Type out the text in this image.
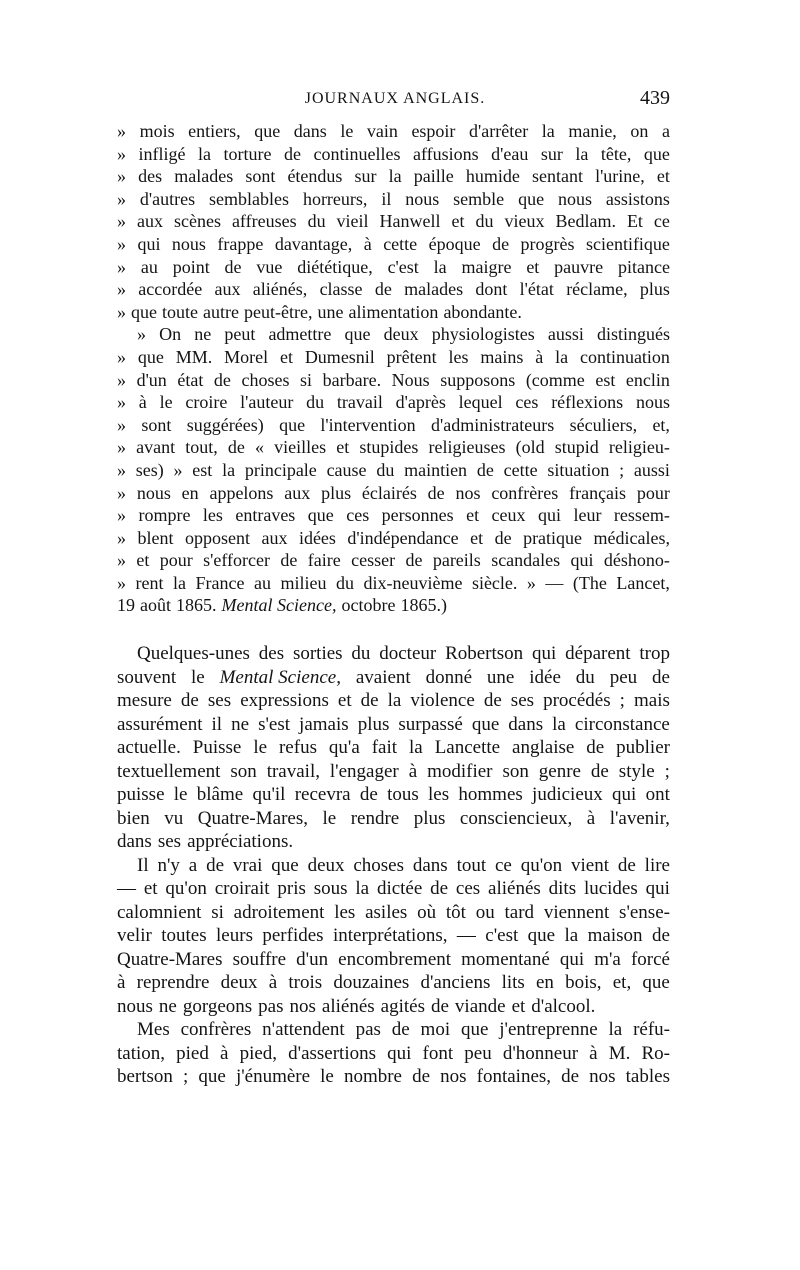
JOURNAUX ANGLAIS.	439
» mois entiers, que dans le vain espoir d'arrêter la manie, on a
» infligé la torture de continuelles affusions d'eau sur la tête, que
» des malades sont étendus sur la paille humide sentant l'urine, et
» d'autres semblables horreurs, il nous semble que nous assistons
» aux scènes affreuses du vieil Hanwell et du vieux Bedlam. Et ce
» qui nous frappe davantage, à cette époque de progrès scientifique
» au point de vue diététique, c'est la maigre et pauvre pitance
» accordée aux aliénés, classe de malades dont l'état réclame, plus
» que toute autre peut-être, une alimentation abondante.
» On ne peut admettre que deux physiologistes aussi distingués
» que MM. Morel et Dumesnil prêtent les mains à la continuation
» d'un état de choses si barbare. Nous supposons (comme est enclin
» à le croire l'auteur du travail d'après lequel ces réflexions nous
» sont suggérées) que l'intervention d'administrateurs séculiers, et,
» avant tout, de « vieilles et stupides religieuses (old stupid religieu-
» ses) » est la principale cause du maintien de cette situation ; aussi
» nous en appelons aux plus éclairés de nos confrères français pour
» rompre les entraves que ces personnes et ceux qui leur ressem-
» blent opposent aux idées d'indépendance et de pratique médicales,
» et pour s'efforcer de faire cesser de pareils scandales qui déshono-
» rent la France au milieu du dix-neuvième siècle. » — (The Lancet,
19 août 1865. Mental Science, octobre 1865.)
Quelques-unes des sorties du docteur Robertson qui déparent trop
souvent le Mental Science, avaient donné une idée du peu de
mesure de ses expressions et de la violence de ses procédés ; mais
assurément il ne s'est jamais plus surpassé que dans la circonstance
actuelle. Puisse le refus qu'a fait la Lancette anglaise de publier
textuellement son travail, l'engager à modifier son genre de style ;
puisse le blâme qu'il recevra de tous les hommes judicieux qui ont
bien vu Quatre-Mares, le rendre plus consciencieux, à l'avenir,
dans ses appréciations.
Il n'y a de vrai que deux choses dans tout ce qu'on vient de lire
— et qu'on croirait pris sous la dictée de ces aliénés dits lucides qui
calomnient si adroitement les asiles où tôt ou tard viennent s'ense-
velir toutes leurs perfides interprétations, — c'est que la maison de
Quatre-Mares souffre d'un encombrement momentané qui m'a forcé
à reprendre deux à trois douzaines d'anciens lits en bois, et, que
nous ne gorgeons pas nos aliénés agités de viande et d'alcool.
Mes confrères n'attendent pas de moi que j'entreprenne la réfu-
tation, pied à pied, d'assertions qui font peu d'honneur à M. Ro-
bertson ; que j'énumère le nombre de nos fontaines, de nos tables
